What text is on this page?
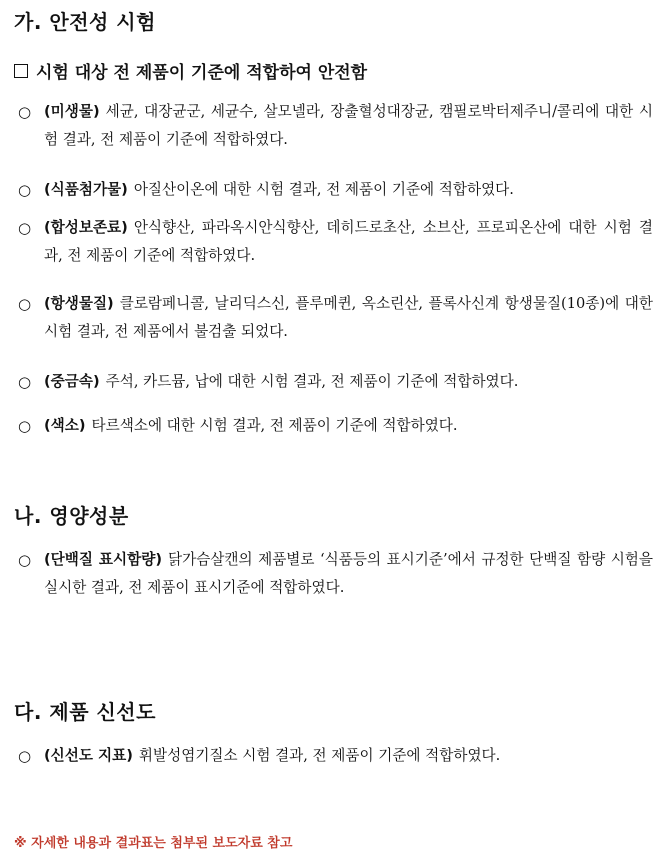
가. 안전성 시험
시험 대상 전 제품이 기준에 적합하여 안전함
○ (미생물) 세균, 대장균군, 세균수, 살모넬라, 장출혈성대장균, 캠필로박터제주니/콜리에 대한 시험 결과, 전 제품이 기준에 적합하였다.
○ (식품첨가물) 아질산이온에 대한 시험 결과, 전 제품이 기준에 적합하였다.
○ (합성보존료) 안식향산, 파라옥시안식향산, 데히드로초산, 소브산, 프로피온산에 대한 시험 결과, 전 제품이 기준에 적합하였다.
○ (항생물질) 클로람페니콜, 날리딕스신, 플루메퀸, 옥소린산, 플록사신계 항생물질(10종)에 대한 시험 결과, 전 제품에서 불검출 되었다.
○ (중금속) 주석, 카드뮴, 납에 대한 시험 결과, 전 제품이 기준에 적합하였다.
○ (색소) 타르색소에 대한 시험 결과, 전 제품이 기준에 적합하였다.
나. 영양성분
○ (단백질 표시함량) 닭가슴살캔의 제품별로 ‘식품등의 표시기준’에서 규정한 단백질 함량 시험을 실시한 결과, 전 제품이 표시기준에 적합하였다.
다. 제품 신선도
○ (신선도 지표) 휘발성염기질소 시험 결과, 전 제품이 기준에 적합하였다.
※ 자세한 내용과 결과표는 첨부된 보도자료 참고
